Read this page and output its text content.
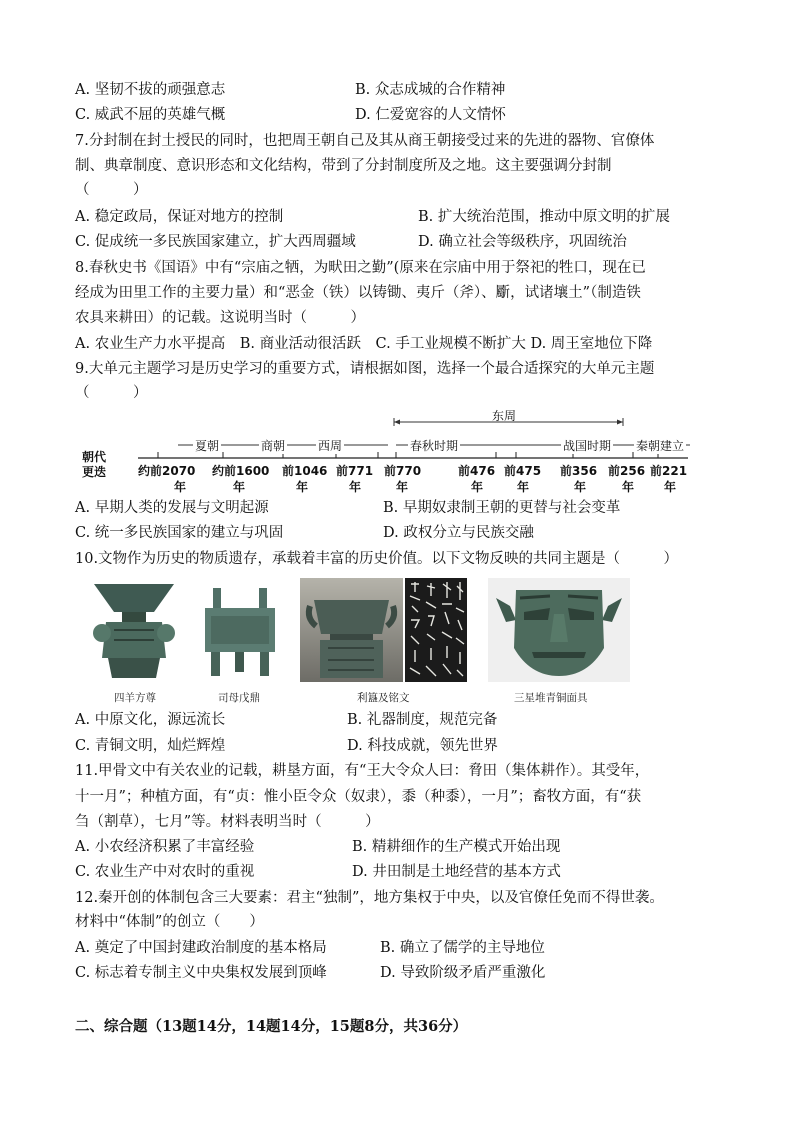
A. 坚韧不拔的顽强意志	B. 众志成城的合作精神
C. 威武不屈的英雄气概	D. 仁爱宽容的人文情怀
7.分封制在封土授民的同时，也把周王朝自己及其从商王朝接受过来的先进的器物、官僚体
制、典章制度、意识形态和文化结构，带到了分封制度所及之地。这主要强调分封制
（　　　）
A. 稳定政局，保证对地方的控制	B. 扩大统治范围，推动中原文明的扩展
C. 促成统一多民族国家建立，扩大西周疆域	D. 确立社会等级秩序，巩固统治
8.春秋史书《国语》中有“宗庙之牺，为畎田之勤”(原来在宗庙中用于祭祀的牲口，现在已
经成为田里工作的主要力量）和“恶金（铁）以铸锄、夷斤（斧）、斸，试诸壤土”（制造铁
农具来耕田）的记载。这说明当时（　　　）
A. 农业生产力水平提高　B. 商业活动很活跃　C. 手工业规模不断扩大 D. 周王室地位下降
9.大单元主题学习是历史学习的重要方式，请根据如图，选择一个最合适探究的大单元主题
（　　　）
朝代
更迭
东周
夏朝	商朝	西周	春秋时期	战国时期 秦朝建立
约前2070 约前1600 前1046 前771 前770	前476 前475 前356 前256 前221
年	年	年	年	年	年	年	年	年 年
A. 早期人类的发展与文明起源	B. 早期奴隶制王朝的更替与社会变革
C. 统一多民族国家的建立与巩固	D. 政权分立与民族交融
10.文物作为历史的物质遗存，承载着丰富的历史价值。以下文物反映的共同主题是（　　　）
四羊方尊	司母戊鼎	利簋及铭文	三星堆青铜面具
A. 中原文化，源远流长	B. 礼器制度，规范完备
C. 青铜文明，灿烂辉煌	D. 科技成就，领先世界
11.甲骨文中有关农业的记载，耕垦方面，有“王大令众人曰：脅田（集体耕作）。其受年，
十一月”；种植方面，有“贞：惟小臣令众（奴隶），黍（种黍），一月”；畜牧方面，有“获
刍（割草），七月”等。材料表明当时（　　　）
A. 小农经济积累了丰富经验	B. 精耕细作的生产模式开始出现
C. 农业生产中对农时的重视	D. 井田制是土地经营的基本方式
12.秦开创的体制包含三大要素：君主“独制”，地方集权于中央，以及官僚任免而不得世袭。
材料中“体制”的创立（　　）
A. 奠定了中国封建政治制度的基本格局	B. 确立了儒学的主导地位
C. 标志着专制主义中央集权发展到顶峰	D. 导致阶级矛盾严重激化
二、综合题（13题14分，14题14分，15题8分，共36分）
